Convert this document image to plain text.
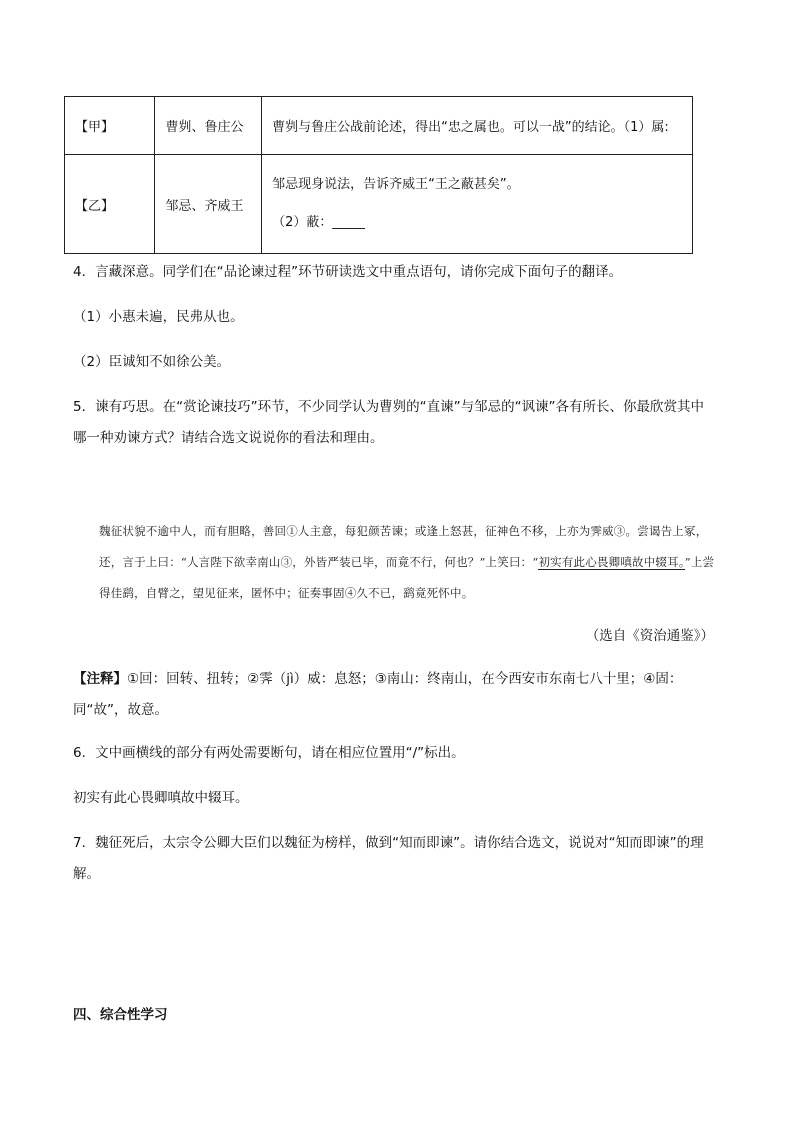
【甲】	曹刿、鲁庄公	曹刿与鲁庄公战前论述，得出“忠之属也。可以一战”的结论。（1）属:
【乙】	邹忌、齐威王	邹忌现身说法，告诉齐威王“王之蔽甚矣”。
（2）蔽：_____
4．言藏深意。同学们在“品论谏过程”环节研读选文中重点语句，请你完成下面句子的翻译。
（1）小惠未遍，民弗从也。
（2）臣诚知不如徐公美。
5．谏有巧思。在“赏论谏技巧”环节，不少同学认为曹刿的“直谏”与邹忌的“讽谏”各有所长、你最欣赏其中
哪一种劝谏方式？请结合选文说说你的看法和理由。
魏征状貌不逾中人，而有胆略，善回①人主意，每犯颜苦谏；或逢上怒甚，征神色不移，上亦为霁威③。尝谒告上冢，还，言于上曰：“人言陛下欲幸南山③，外皆严装已毕，而竟不行，何也？”上笑曰：“初实有此心畏卿嗔故中辍耳。”上尝得佳鹞，自臂之，望见征来，匿怀中；征奏事固④久不已，鹞竟死怀中。
（选自《资治通鉴》）
【注释】①回：回转、扭转；②霁（jì）威：息怒；③南山：终南山，在今西安市东南七八十里；④固：
同“故”，故意。
6．文中画横线的部分有两处需要断句，请在相应位置用“/”标出。
初实有此心畏卿嗔故中辍耳。
7．魏征死后，太宗令公卿大臣们以魏征为榜样，做到“知而即谏”。请你结合选文，说说对“知而即谏”的理
解。
四、综合性学习
